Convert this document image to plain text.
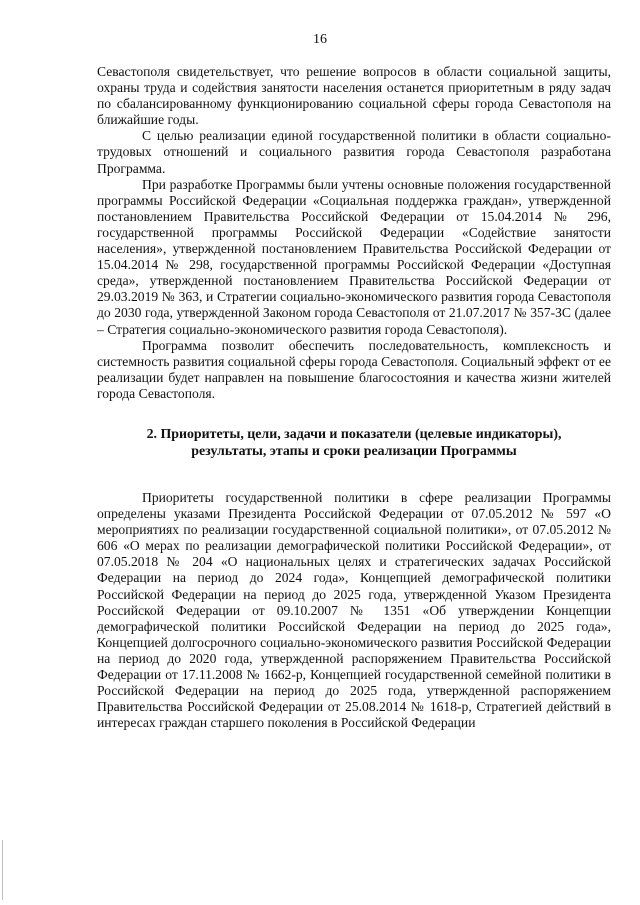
16

Севастополя свидетельствует, что решение вопросов в области социальной защиты, охраны труда и содействия занятости населения останется приоритетным в ряду задач по сбалансированному функционированию социальной сферы города Севастополя на ближайшие годы.

С целью реализации единой государственной политики в области социально-трудовых отношений и социального развития города Севастополя разработана Программа.

При разработке Программы были учтены основные положения государственной программы Российской Федерации «Социальная поддержка граждан», утвержденной постановлением Правительства Российской Федерации от 15.04.2014 № 296, государственной программы Российской Федерации «Содействие занятости населения», утвержденной постановлением Правительства Российской Федерации от 15.04.2014 № 298, государственной программы Российской Федерации «Доступная среда», утвержденной постановлением Правительства Российской Федерации от 29.03.2019 № 363, и Стратегии социально-экономического развития города Севастополя до 2030 года, утвержденной Законом города Севастополя от 21.07.2017 № 357-ЗС (далее – Стратегия социально-экономического развития города Севастополя).

Программа позволит обеспечить последовательность, комплексность и системность развития социальной сферы города Севастополя. Социальный эффект от ее реализации будет направлен на повышение благосостояния и качества жизни жителей города Севастополя.

2. Приоритеты, цели, задачи и показатели (целевые индикаторы),
результаты, этапы и сроки реализации Программы

Приоритеты государственной политики в сфере реализации Программы определены указами Президента Российской Федерации от 07.05.2012 № 597 «О мероприятиях по реализации государственной социальной политики», от 07.05.2012 № 606 «О мерах по реализации демографической политики Российской Федерации», от 07.05.2018 № 204 «О национальных целях и стратегических задачах Российской Федерации на период до 2024 года», Концепцией демографической политики Российской Федерации на период до 2025 года, утвержденной Указом Президента Российской Федерации от 09.10.2007 № 1351 «Об утверждении Концепции демографической политики Российской Федерации на период до 2025 года», Концепцией долгосрочного социально-экономического развития Российской Федерации на период до 2020 года, утвержденной распоряжением Правительства Российской Федерации от 17.11.2008 № 1662-р, Концепцией государственной семейной политики в Российской Федерации на период до 2025 года, утвержденной распоряжением Правительства Российской Федерации от 25.08.2014 № 1618-р, Стратегией действий в интересах граждан старшего поколения в Российской Федерации
